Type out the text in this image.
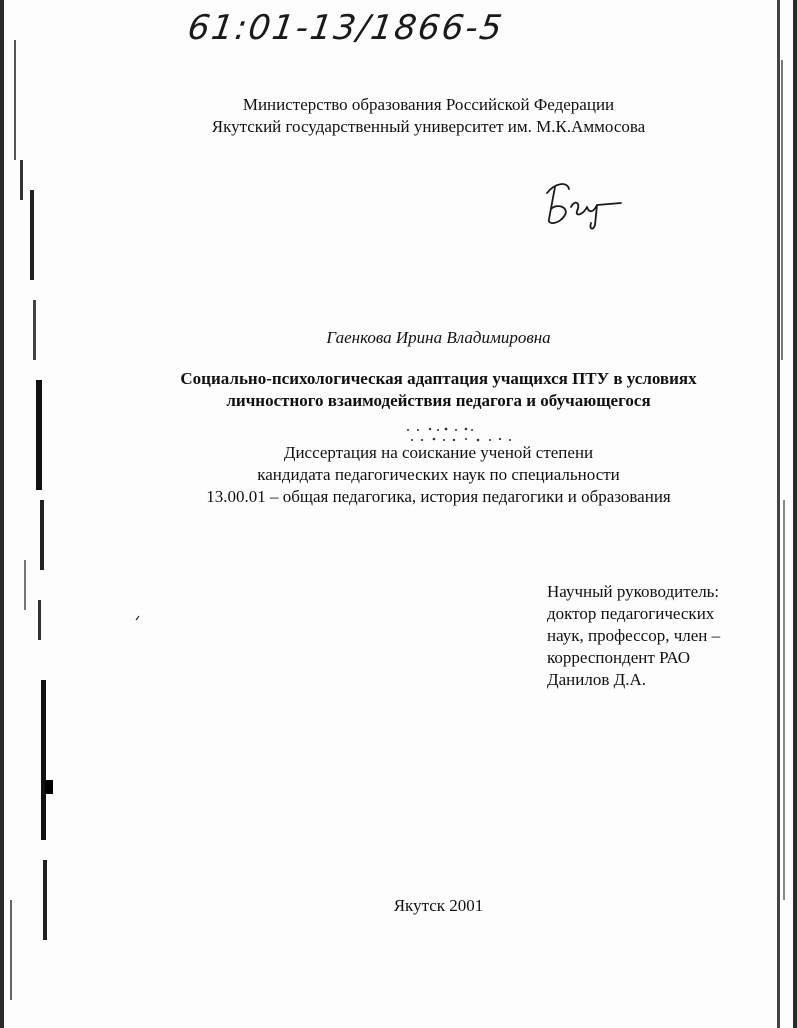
61:01-13/1866-5
Министерство образования Российской Федерации
Якутский государственный университет им. М.К.Аммосова
Гаенкова Ирина Владимировна
Социально-психологическая адаптация учащихся ПТУ в условиях
личностного взаимодействия педагога и обучающегося
Диссертация на соискание ученой степени
кандидата педагогических наук по специальности
13.00.01 – общая педагогика, история педагогики и образования
Научный руководитель:
доктор педагогических
наук, профессор, член –
корреспондент РАО
Данилов Д.А.
Якутск 2001
